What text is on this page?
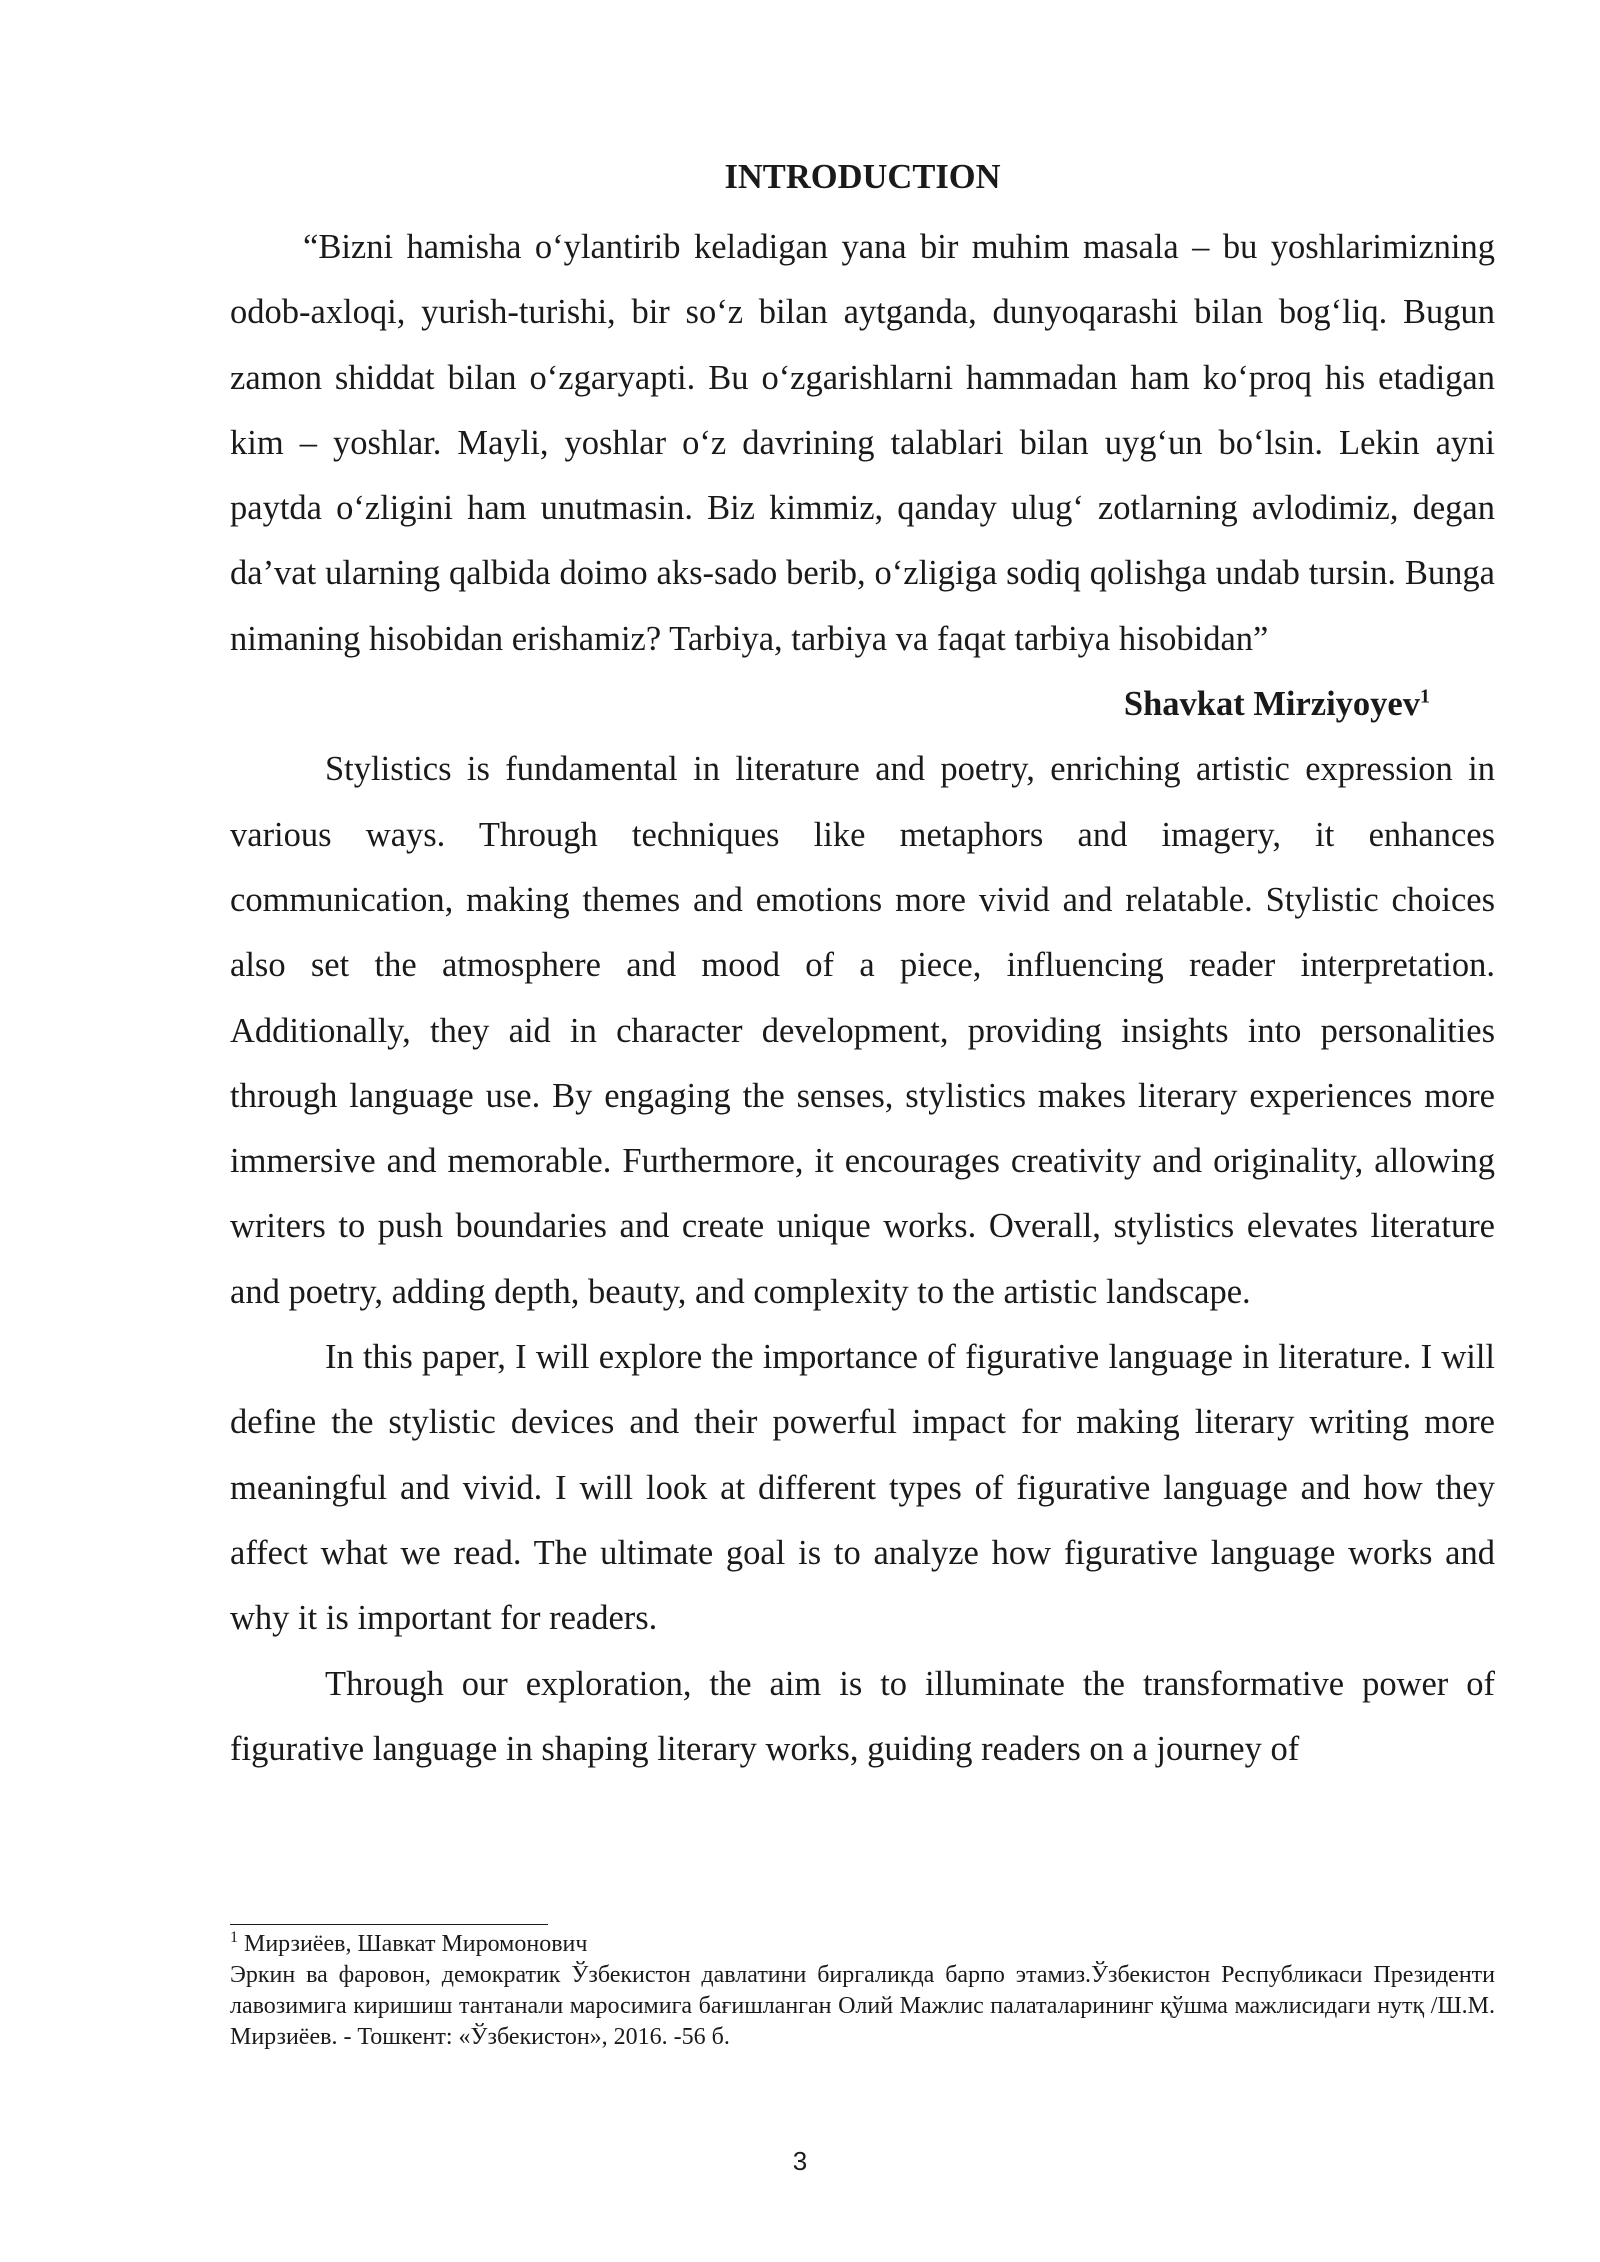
INTRODUCTION

“Bizni hamisha o‘ylantirib keladigan yana bir muhim masala – bu yoshlarimizning odob-axloqi, yurish-turishi, bir so‘z bilan aytganda, dunyoqarashi bilan bog‘liq. Bugun zamon shiddat bilan o‘zgaryapti. Bu o‘zgarishlarni hammadan ham ko‘proq his etadigan kim – yoshlar. Mayli, yoshlar o‘z davrining talablari bilan uyg‘un bo‘lsin. Lekin ayni paytda o‘zligini ham unutmasin. Biz kimmiz, qanday ulug‘ zotlarning avlodimiz, degan da’vat ularning qalbida doimo aks-sado berib, o‘zligiga sodiq qolishga undab tursin. Bunga nimaning hisobidan erishamiz? Tarbiya, tarbiya va faqat tarbiya hisobidan”

Shavkat Mirziyoyev$^1$

Stylistics is fundamental in literature and poetry, enriching artistic expression in various ways. Through techniques like metaphors and imagery, it enhances communication, making themes and emotions more vivid and relatable. Stylistic choices also set the atmosphere and mood of a piece, influencing reader interpretation. Additionally, they aid in character development, providing insights into personalities through language use. By engaging the senses, stylistics makes literary experiences more immersive and memorable. Furthermore, it encourages creativity and originality, allowing writers to push boundaries and create unique works. Overall, stylistics elevates literature and poetry, adding depth, beauty, and complexity to the artistic landscape.

In this paper, I will explore the importance of figurative language in literature. I will define the stylistic devices and their powerful impact for making literary writing more meaningful and vivid. I will look at different types of figurative language and how they affect what we read. The ultimate goal is to analyze how figurative language works and why it is important for readers.

Through our exploration, the aim is to illuminate the transformative power of figurative language in shaping literary works, guiding readers on a journey of

$^1$ Мирзиёев, Шавкат Миромонович

Эркин ва фаровон, демократик Ўзбекистон давлатини биргаликда барпо этамиз.Ўзбекистон Республикаси Президенти лавозимига киришиш тантанали маросимига бағишланган Олий Мажлис палаталарининг қўшма мажлисидаги нутқ /Ш.М. Мирзиёев. - Тошкент: «Ўзбекистон», 2016. -56 б.

3
